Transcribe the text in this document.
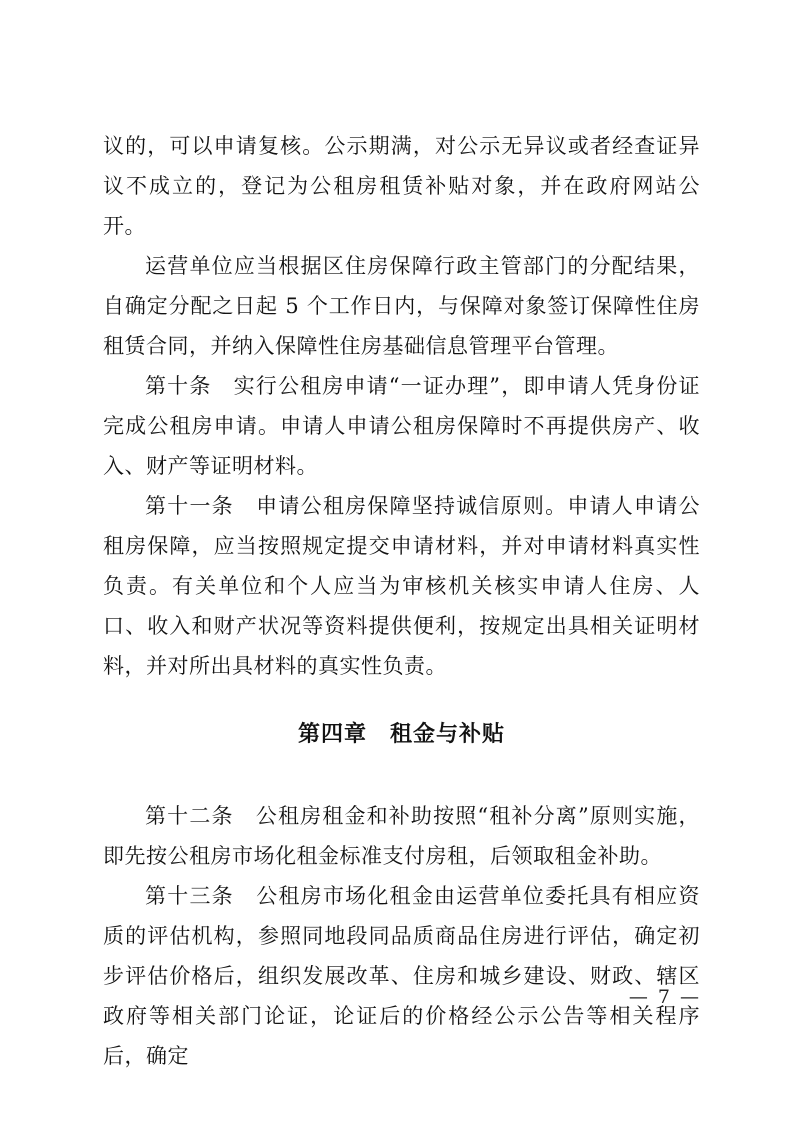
议的，可以申请复核。公示期满，对公示无异议或者经查证异议不成立的，登记为公租房租赁补贴对象，并在政府网站公开。

运营单位应当根据区住房保障行政主管部门的分配结果，自确定分配之日起 5 个工作日内，与保障对象签订保障性住房租赁合同，并纳入保障性住房基础信息管理平台管理。

第十条　实行公租房申请“一证办理”，即申请人凭身份证完成公租房申请。申请人申请公租房保障时不再提供房产、收入、财产等证明材料。

第十一条　申请公租房保障坚持诚信原则。申请人申请公租房保障，应当按照规定提交申请材料，并对申请材料真实性负责。有关单位和个人应当为审核机关核实申请人住房、人口、收入和财产状况等资料提供便利，按规定出具相关证明材料，并对所出具材料的真实性负责。

第四章　租金与补贴

第十二条　公租房租金和补助按照“租补分离”原则实施，即先按公租房市场化租金标准支付房租，后领取租金补助。

第十三条　公租房市场化租金由运营单位委托具有相应资质的评估机构，参照同地段同品质商品住房进行评估，确定初步评估价格后，组织发展改革、住房和城乡建设、财政、辖区政府等相关部门论证，论证后的价格经公示公告等相关程序后，确定

— 7 —
